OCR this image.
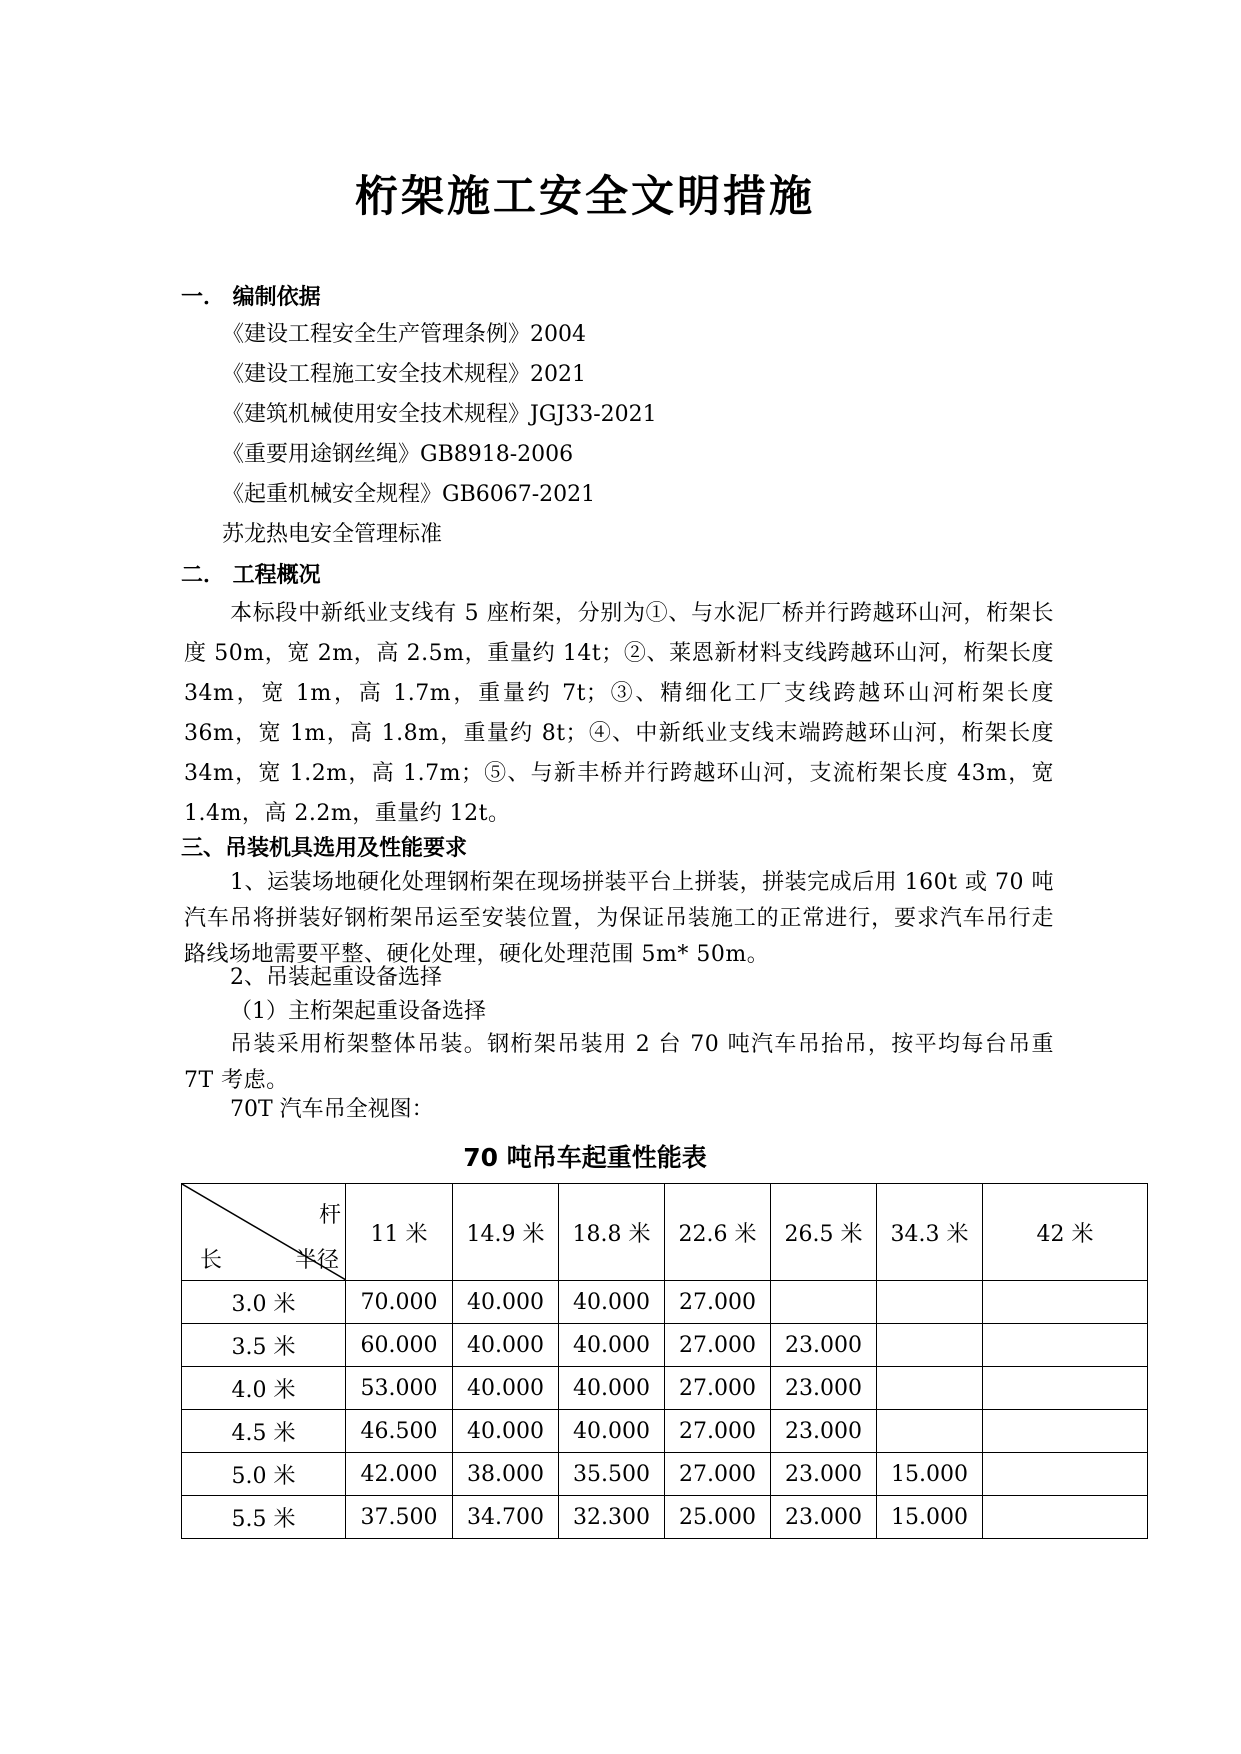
桁架施工安全文明措施
一． 编制依据
《建设工程安全生产管理条例》2004
《建设工程施工安全技术规程》2021
《建筑机械使用安全技术规程》JGJ33-2021
《重要用途钢丝绳》GB8918-2006
《起重机械安全规程》GB6067-2021
苏龙热电安全管理标准
二． 工程概况
本标段中新纸业支线有 5 座桁架，分别为①、与水泥厂桥并行跨越环山河，桁架长度 50m，宽 2m，高 2.5m，重量约 14t；②、莱恩新材料支线跨越环山河，桁架长度 34m，宽 1m，高 1.7m，重量约 7t；③、精细化工厂支线跨越环山河桁架长度 36m，宽 1m，高 1.8m，重量约 8t；④、中新纸业支线末端跨越环山河，桁架长度 34m，宽 1.2m，高 1.7m；⑤、与新丰桥并行跨越环山河，支流桁架长度 43m，宽 1.4m，高 2.2m，重量约 12t。
三、吊装机具选用及性能要求
1、运装场地硬化处理钢桁架在现场拼装平台上拼装，拼装完成后用 160t 或 70 吨汽车吊将拼装好钢桁架吊运至安装位置，为保证吊装施工的正常进行，要求汽车吊行走路线场地需要平整、硬化处理，硬化处理范围 5m* 50m。
2、吊装起重设备选择
（1）主桁架起重设备选择
吊装采用桁架整体吊装。钢桁架吊装用 2 台 70 吨汽车吊抬吊，按平均每台吊重 7T 考虑。
70T 汽车吊全视图：
70 吨吊车起重性能表
杆
长 半径	11 米	14.9 米	18.8 米	22.6 米	26.5 米	34.3 米	42 米
3.0 米	70.000	40.000	40.000	27.000			
3.5 米	60.000	40.000	40.000	27.000	23.000		
4.0 米	53.000	40.000	40.000	27.000	23.000		
4.5 米	46.500	40.000	40.000	27.000	23.000		
5.0 米	42.000	38.000	35.500	27.000	23.000	15.000	
5.5 米	37.500	34.700	32.300	25.000	23.000	15.000	
